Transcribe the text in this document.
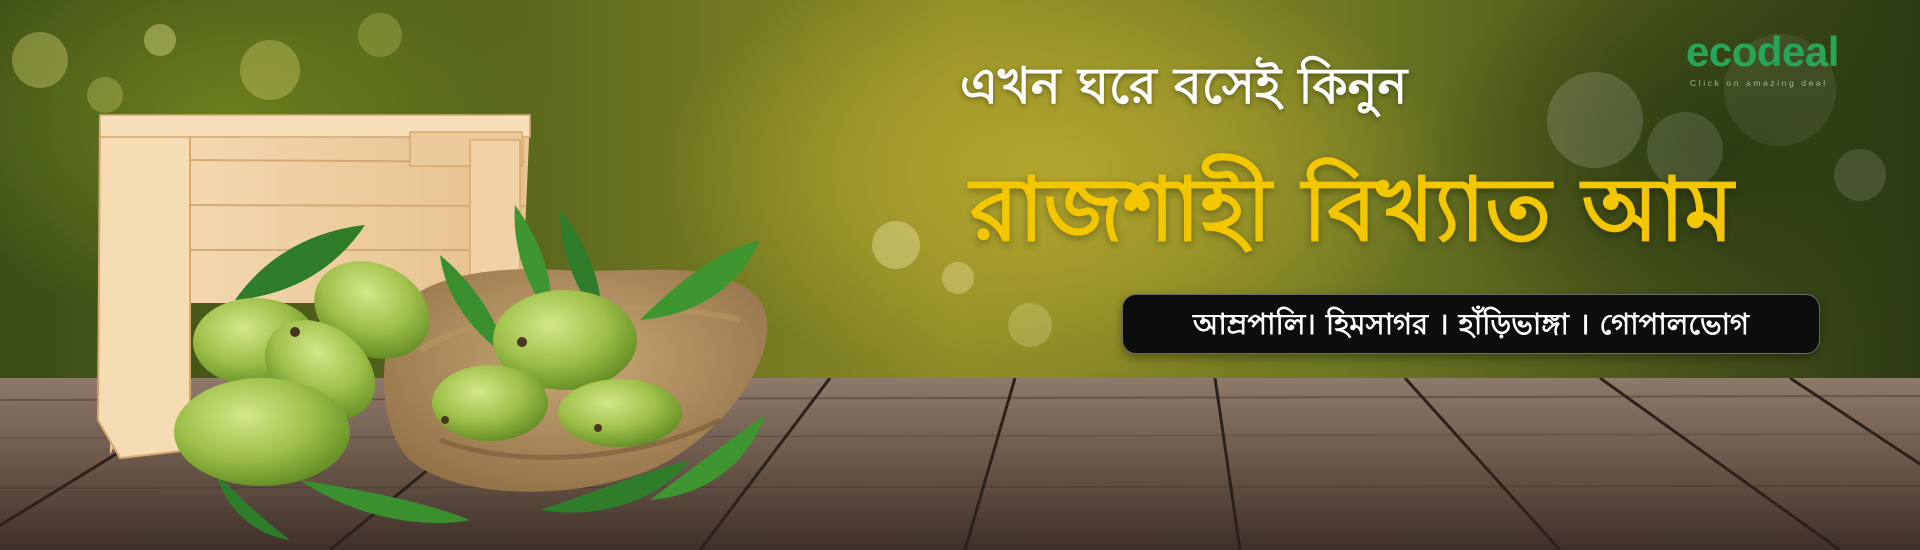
ecodeal
Click on amazing deal
এখন ঘরে বসেই কিনুন
রাজশাহী বিখ্যাত আম
আম্রপালি। হিমসাগর । হাঁড়িভাঙ্গা । গোপালভোগ
